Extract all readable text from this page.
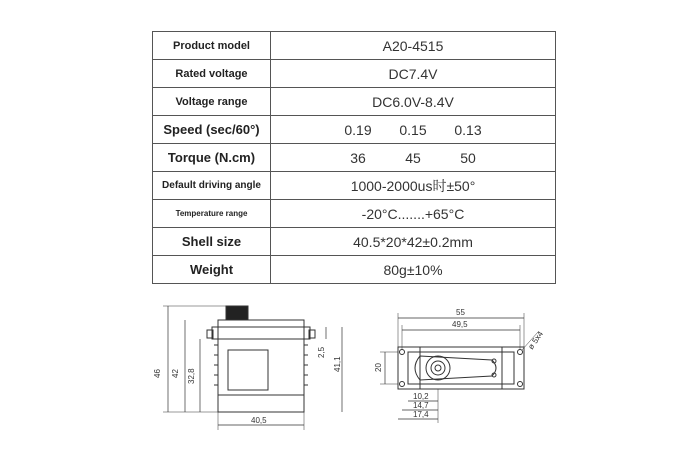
Product model	A20-4515
Rated voltage	DC7.4V
Voltage range	DC6.0V-8.4V
Speed (sec/60°)	0.19 0.15 0.13

Torque (N.cm)	36 45 50

Default driving angle	1000-2000us时±50°
Temperature range	-20°C.......+65°C
Shell size	40.5*20*42±0.2mm
Weight	80g±10%
46 42 32,8
2,5
41,1
40,5
55
49,5
ø 5x4
20
10,2
14,7
17,4
